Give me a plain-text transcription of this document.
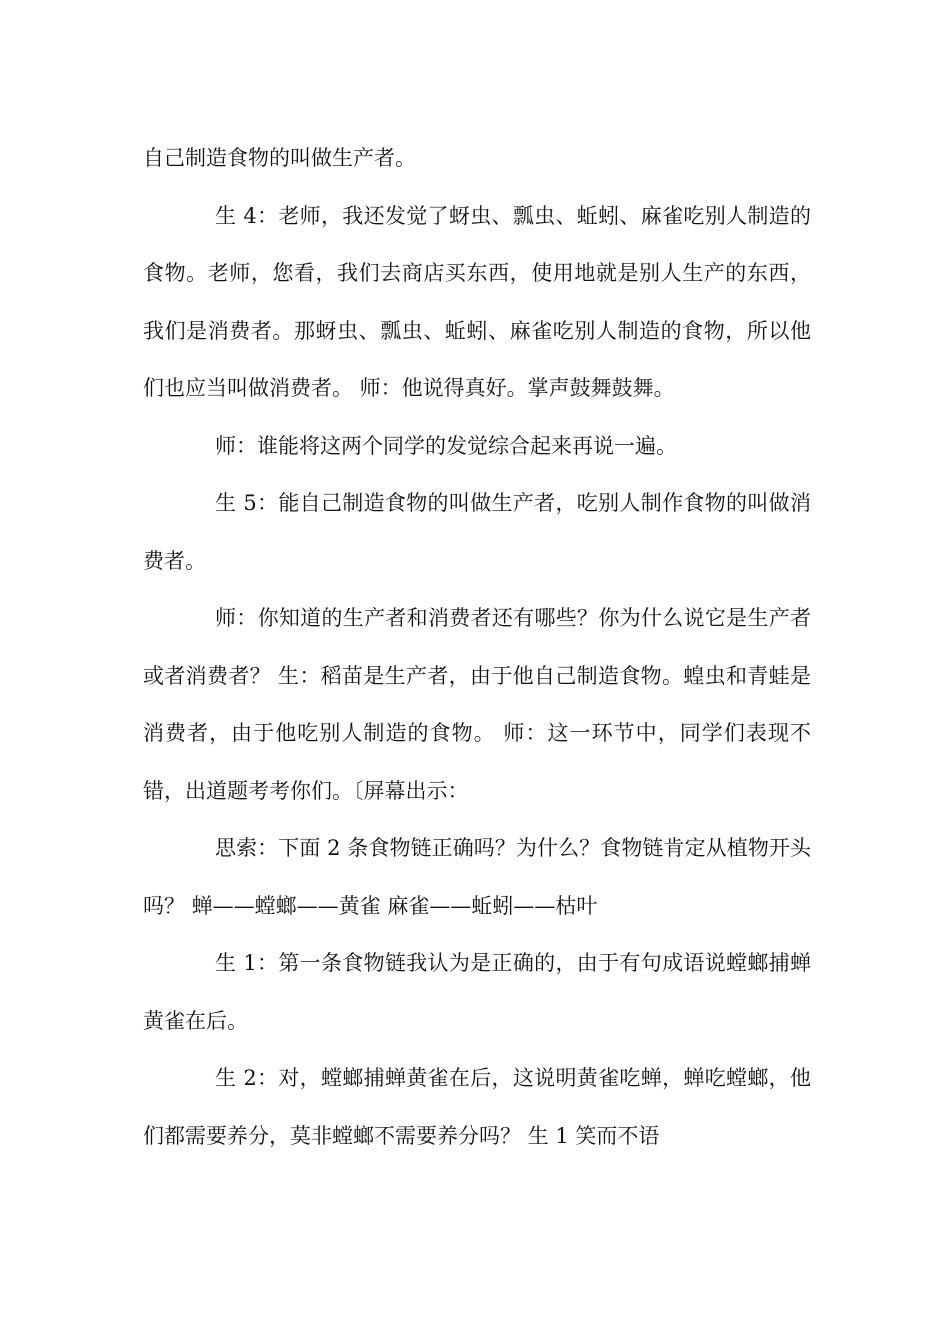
自己制造食物的叫做生产者。

生 4：老师，我还发觉了蚜虫、瓢虫、蚯蚓、麻雀吃别人制造的食物。老师，您看，我们去商店买东西，使用地就是别人生产的东西，我们是消费者。那蚜虫、瓢虫、蚯蚓、麻雀吃别人制造的食物，所以他们也应当叫做消费者。 师：他说得真好。掌声鼓舞鼓舞。

师：谁能将这两个同学的发觉综合起来再说一遍。

生 5：能自己制造食物的叫做生产者，吃别人制作食物的叫做消费者。

师：你知道的生产者和消费者还有哪些？你为什么说它是生产者或者消费者？ 生：稻苗是生产者，由于他自己制造食物。蝗虫和青蛙是消费者，由于他吃别人制造的食物。 师：这一环节中，同学们表现不错，出道题考考你们。〔屏幕出示：

思索：下面 2 条食物链正确吗？为什么？食物链肯定从植物开头吗？ 蝉——螳螂——黄雀 麻雀——蚯蚓——枯叶

生 1：第一条食物链我认为是正确的，由于有句成语说螳螂捕蝉黄雀在后。

生 2：对，螳螂捕蝉黄雀在后，这说明黄雀吃蝉，蝉吃螳螂，他们都需要养分，莫非螳螂不需要养分吗？ 生 1 笑而不语
